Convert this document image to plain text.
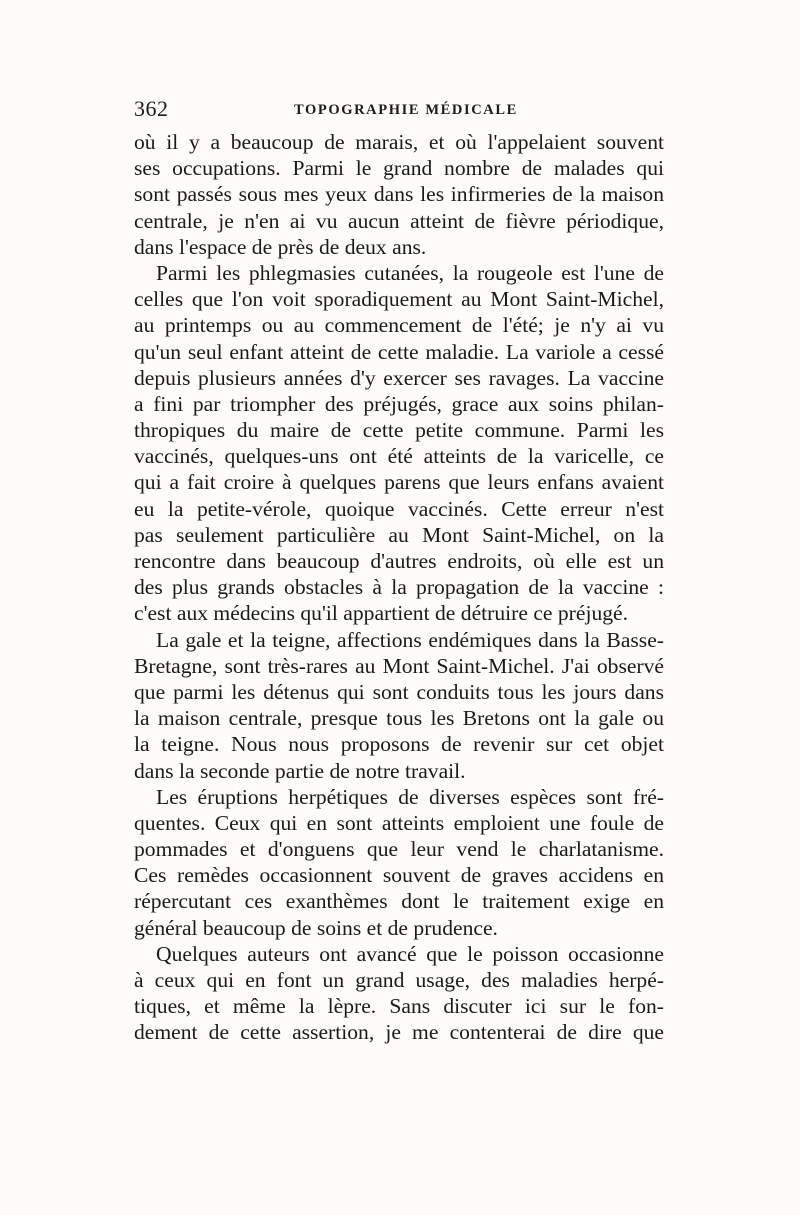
362	TOPOGRAPHIE MÉDICALE
où il y a beaucoup de marais, et où l'appelaient souvent
ses occupations. Parmi le grand nombre de malades qui
sont passés sous mes yeux dans les infirmeries de la maison
centrale, je n'en ai vu aucun atteint de fièvre périodique,
dans l'espace de près de deux ans.
Parmi les phlegmasies cutanées, la rougeole est l'une de
celles que l'on voit sporadiquement au Mont Saint-Michel,
au printemps ou au commencement de l'été; je n'y ai vu
qu'un seul enfant atteint de cette maladie. La variole a cessé
depuis plusieurs années d'y exercer ses ravages. La vaccine
a fini par triompher des préjugés, grace aux soins philan-
thropiques du maire de cette petite commune. Parmi les
vaccinés, quelques-uns ont été atteints de la varicelle, ce
qui a fait croire à quelques parens que leurs enfans avaient
eu la petite-vérole, quoique vaccinés. Cette erreur n'est
pas seulement particulière au Mont Saint-Michel, on la
rencontre dans beaucoup d'autres endroits, où elle est un
des plus grands obstacles à la propagation de la vaccine :
c'est aux médecins qu'il appartient de détruire ce préjugé.
La gale et la teigne, affections endémiques dans la Basse-
Bretagne, sont très-rares au Mont Saint-Michel. J'ai observé
que parmi les détenus qui sont conduits tous les jours dans
la maison centrale, presque tous les Bretons ont la gale ou
la teigne. Nous nous proposons de revenir sur cet objet
dans la seconde partie de notre travail.
Les éruptions herpétiques de diverses espèces sont fré-
quentes. Ceux qui en sont atteints emploient une foule de
pommades et d'onguens que leur vend le charlatanisme.
Ces remèdes occasionnent souvent de graves accidens en
répercutant ces exanthèmes dont le traitement exige en
général beaucoup de soins et de prudence.
Quelques auteurs ont avancé que le poisson occasionne
à ceux qui en font un grand usage, des maladies herpé-
tiques, et même la lèpre. Sans discuter ici sur le fon-
dement de cette assertion, je me contenterai de dire que
